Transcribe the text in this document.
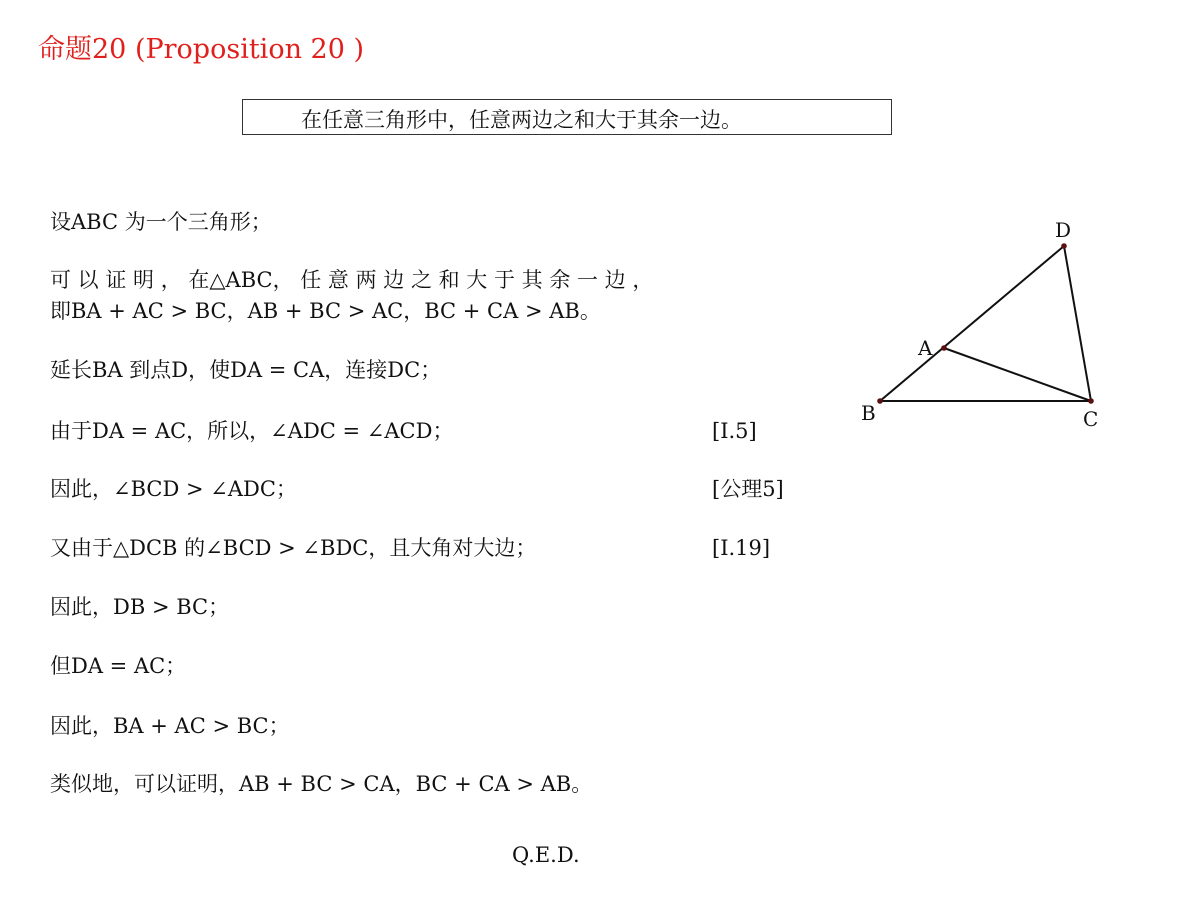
命题20 (Proposition 20 )
在任意三角形中，任意两边之和大于其余一边。
设ABC 为一个三角形；
可 以 证 明 ， 在△ABC， 任 意 两 边 之 和 大 于 其 余 一 边 ，
即BA + AC > BC，AB + BC > AC，BC + CA > AB。
延长BA 到点D，使DA = CA，连接DC；
由于DA = AC，所以，∠ADC = ∠ACD；	[I.5]
因此，∠BCD > ∠ADC；	[公理5]
又由于△DCB 的∠BCD > ∠BDC，且大角对大边；	[I.19]
因此，DB > BC；
但DA = AC；
因此，BA + AC > BC；
类似地，可以证明，AB + BC > CA，BC + CA > AB。
Q.E.D.
D
A
B	C
